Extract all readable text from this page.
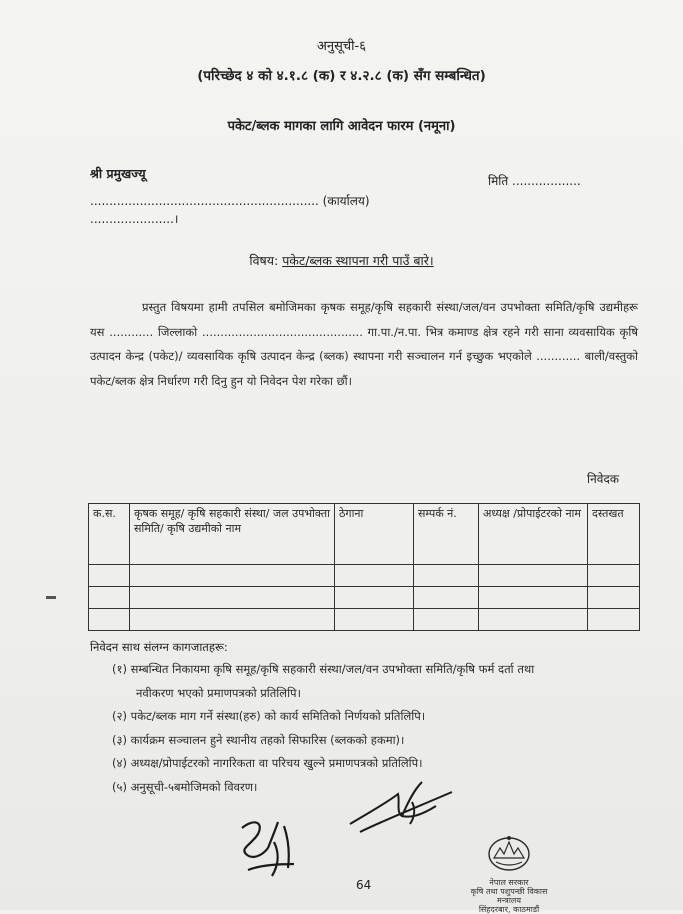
अनुसूची-६
(परिच्छेद ४ को ४.१.८ (क) र ४.२.८ (क) सँग सम्बन्धित)
पकेट/ब्लक मागका लागि आवेदन फारम (नमूना)
श्री प्रमुखज्यू	मिति ..................
............................................................ (कार्यालय)
......................।
विषय: पकेट/ब्लक स्थापना गरी पाउँ बारे।
प्रस्तुत विषयमा हामी तपसिल बमोजिमका कृषक समूह/कृषि सहकारी संस्था/जल/वन उपभोक्ता समिति/कृषि उद्यमीहरू यस ............ जिल्लाको ............................................ गा.पा./न.पा. भित्र कमाण्ड क्षेत्र रहने गरी साना व्यवसायिक कृषि उत्पादन केन्द्र (पकेट)/ व्यवसायिक कृषि उत्पादन केन्द्र (ब्लक) स्थापना गरी सञ्चालन गर्न इच्छुक भएकोले ............ बाली/वस्तुको पकेट/ब्लक क्षेत्र निर्धारण गरी दिनु हुन यो निवेदन पेश गरेका छौं।
निवेदक
क.स.	कृषक समूह/ कृषि सहकारी संस्था/ जल उपभोक्ता समिति/ कृषि उद्यमीको नाम	ठेगाना	सम्पर्क नं.	अध्यक्ष /प्रोपाईटरको नाम	दस्तखत

निवेदन साथ संलग्न कागजातहरू:
(१) सम्बन्धित निकायमा कृषि समूह/कृषि सहकारी संस्था/जल/वन उपभोक्ता समिति/कृषि फर्म दर्ता तथा
नवीकरण भएको प्रमाणपत्रको प्रतिलिपि।
(२) पकेट/ब्लक माग गर्ने संस्था(हरु) को कार्य समितिको निर्णयको प्रतिलिपि।
(३) कार्यक्रम सञ्चालन हुने स्थानीय तहको सिफारिस (ब्लकको हकमा)।
(४) अध्यक्ष/प्रोपाईटरको नागरिकता वा परिचय खुल्ने प्रमाणपत्रको प्रतिलिपि।
(५) अनुसूची-५बमोजिमको विवरण।
नेपाल सरकार
कृषि तथा पशुपन्छी विकास मन्त्रालय
सिंहदरबार, काठमाडौं
64
